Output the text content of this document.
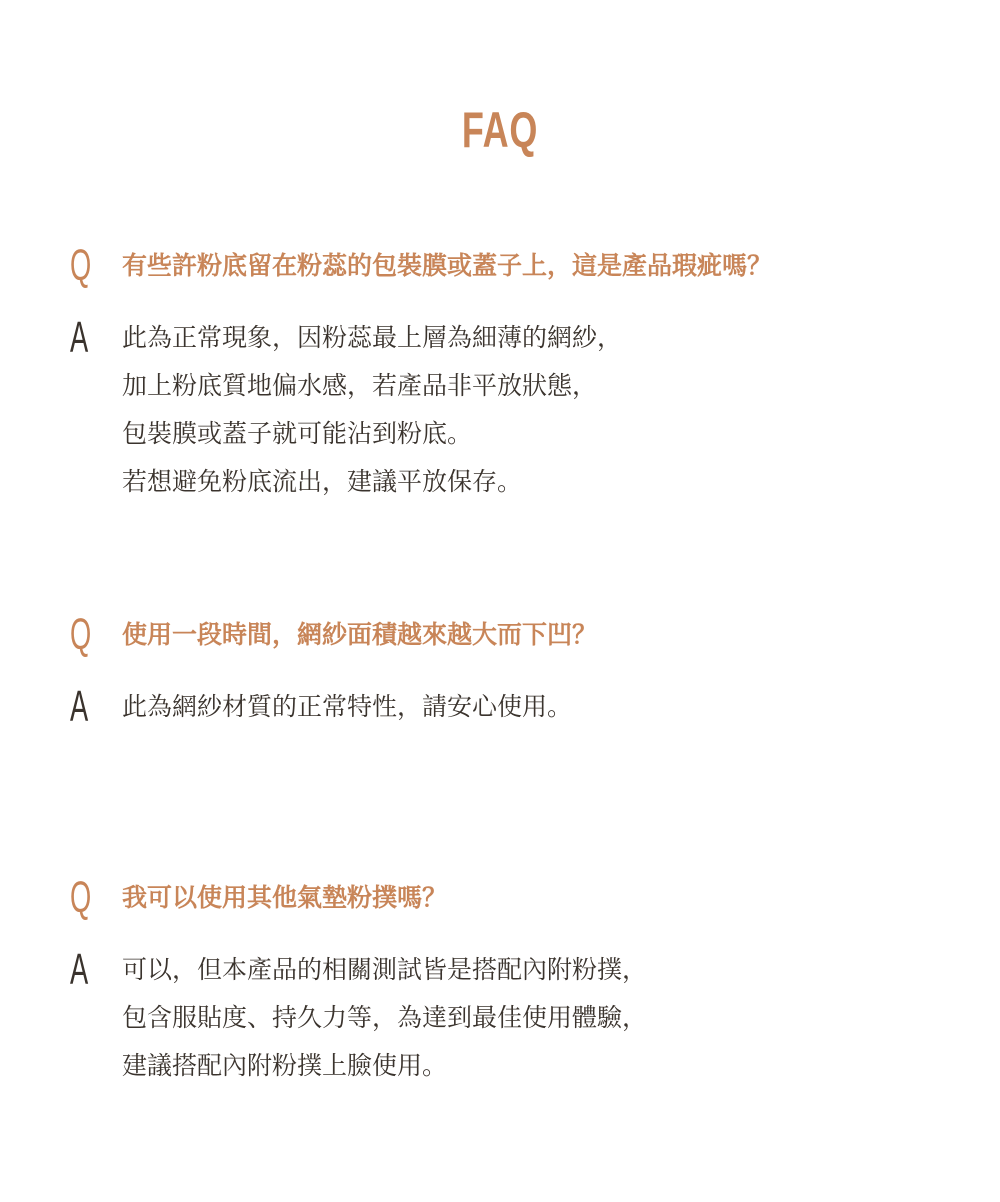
FAQ
Q 有些許粉底留在粉蕊的包裝膜或蓋子上，這是產品瑕疵嗎？
A 此為正常現象，因粉蕊最上層為細薄的網紗，
加上粉底質地偏水感，若產品非平放狀態，
包裝膜或蓋子就可能沾到粉底。
若想避免粉底流出，建議平放保存。
Q 使用一段時間，網紗面積越來越大而下凹？
A 此為網紗材質的正常特性，請安心使用。
Q 我可以使用其他氣墊粉撲嗎？
A 可以，但本產品的相關測試皆是搭配內附粉撲，
包含服貼度、持久力等，為達到最佳使用體驗，
建議搭配內附粉撲上臉使用。
